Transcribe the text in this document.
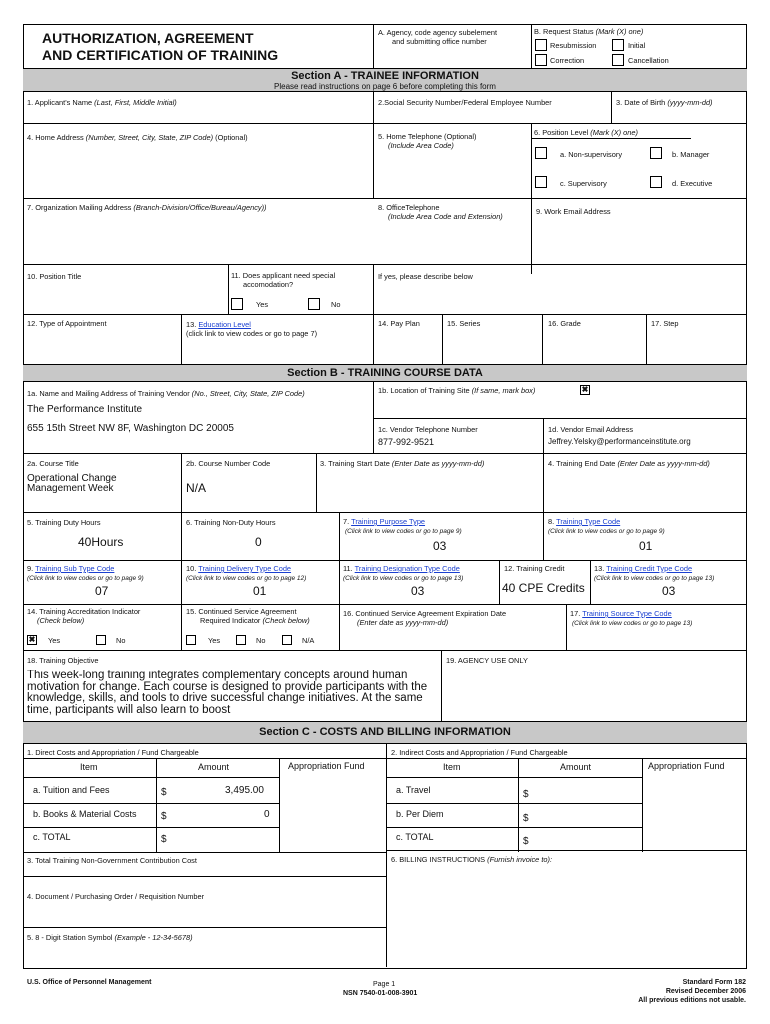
AUTHORIZATION, AGREEMENT
AND CERTIFICATION OF TRAINING
A. Agency, code agency subelement
and submitting office number
B. Request Status (Mark (X) one)
Resubmission	Initial
Correction	Cancellation
Section A - TRAINEE INFORMATION
Please read instructions on page 6 before completing this form
1. Applicant's Name (Last, First, Middle Initial)	2.Social Security Number/Federal Employee Number	3. Date of Birth (yyyy-mm-dd)
4. Home Address (Number, Street, City, State, ZIP Code) (Optional)	5. Home Telephone (Optional)
(Include Area Code)
6. Position Level (Mark (X) one)
a. Non-supervisory	b. Manager
c. Supervisory	d. Executive
7. Organization Mailing Address (Branch-Division/Office/Bureau/Agency))	8. OfficeTelephone
(Include Area Code and Extension)
9. Work Email Address
10. Position Title	11. Does applicant need special
accomodation?
Yes	No
If yes, please describe below
12. Type of Appointment	13. Education Level
(click link to view codes or go to page 7)
14. Pay Plan	15. Series	16. Grade	17. Step
Section B - TRAINING COURSE DATA
1a. Name and Mailing Address of Training Vendor (No., Street, City, State, ZIP Code)
The Performance Institute
655 15th Street NW 8F, Washington DC 20005
1b. Location of Training Site (If same, mark box)	✖
1c. Vendor Telephone Number
877-992-9521
1d. Vendor Email Address
Jeffrey.Yelsky@performanceinstitute.org
2a. Course Title
Operational Change Management Week
2b. Course Number Code
N/A
3. Training Start Date (Enter Date as yyyy-mm-dd)	4. Training End Date (Enter Date as yyyy-mm-dd)
5. Training Duty Hours
40Hours
6. Training Non-Duty Hours
0
7. Training Purpose Type
(Click link to view codes or go to page 9)
03
8. Training Type Code
(Click link to view codes or go to page 9)
01
9. Training Sub Type Code
(Click link to view codes or go to page 9)
07
10. Training Delivery Type Code
(Click link to view codes or go to page 12)
01
11. Training Designation Type Code
(Click link to view codes or go to page 13)
03
12. Training Credit
40 CPE Credits
13. Training Credit Type Code
(Click link to view codes or go to page 13)
03
14. Training Accreditation Indicator
(Check below)
✖ Yes	No
15. Continued Service Agreement
Required Indicator (Check below)
Yes	No	N/A
16. Continued Service Agreement Expiration Date
(Enter date as yyyy-mm-dd)
17. Training Source Type Code
(Click link to view codes or go to page 13)
18. Training Objective
This week-long training integrates complementary concepts around human motivation for change. Each course is designed to provide participants with the knowledge, skills, and tools to drive successful change initiatives. At the same time, participants will also learn to boost
19. AGENCY USE ONLY
Section C - COSTS AND BILLING INFORMATION
1. Direct Costs and Appropriation / Fund Chargeable	2. Indirect Costs and Appropriation / Fund Chargeable
Item	Amount	Appropriation Fund
a. Tuition and Fees	$	3,495.00
b. Books & Material Costs $	0
c. TOTAL	$
Item	Amount	Appropriation Fund
a. Travel	$
b. Per Diem	$
c. TOTAL	$
3. Total Training Non-Government Contribution Cost	6. BILLING INSTRUCTIONS (Furnish invoice to):
4. Document / Purchasing Order / Requisition Number
5. 8 - Digit Station Symbol (Example - 12-34-5678)
U.S. Office of Personnel Management	Page 1
NSN 7540-01-008-3901
Standard Form 182
Revised December 2006
All previous editions not usable.
